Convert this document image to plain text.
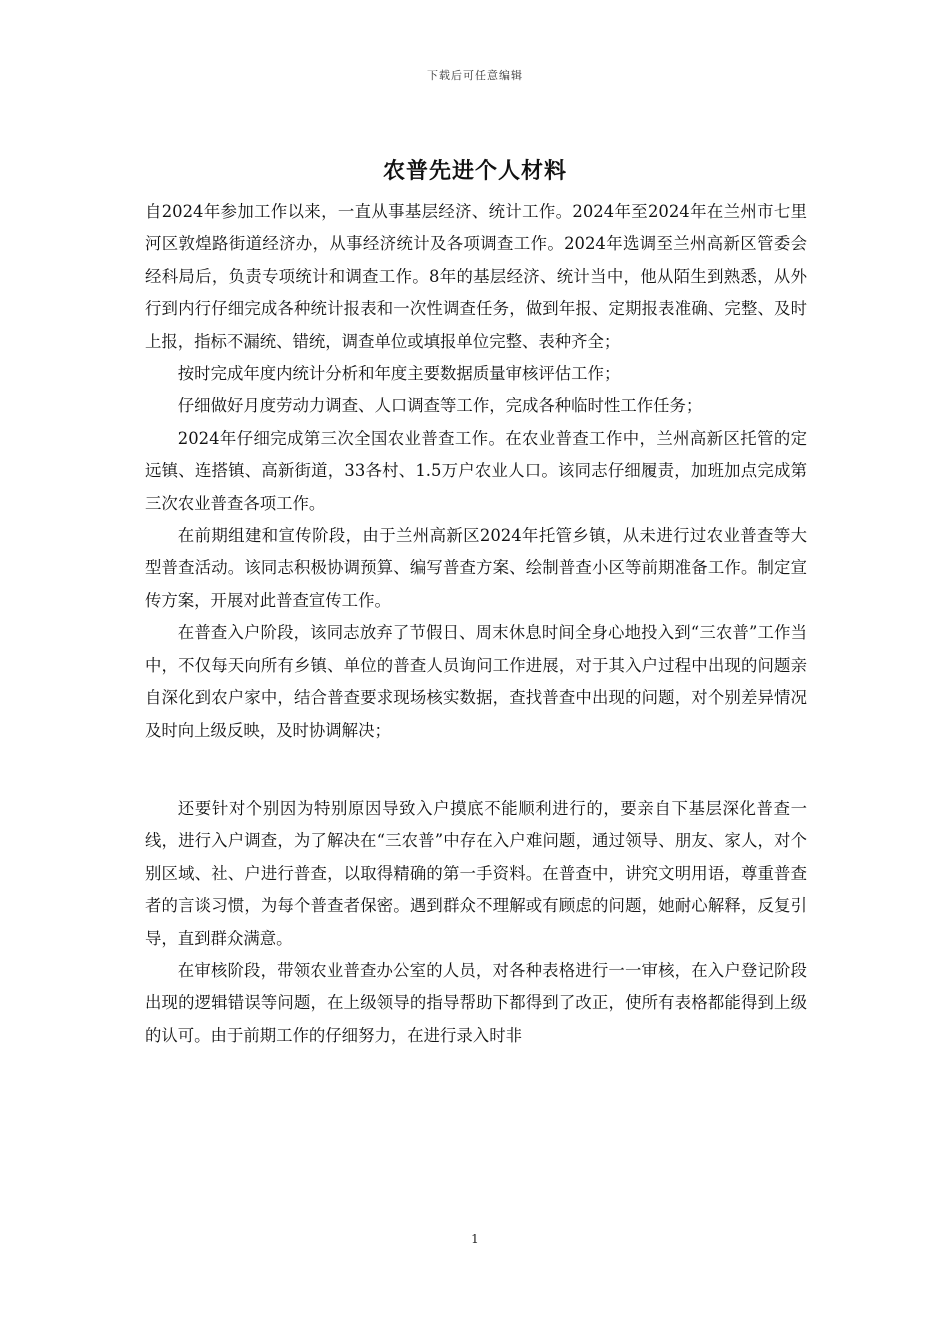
下载后可任意编辑
农普先进个人材料

自2024年参加工作以来，一直从事基层经济、统计工作。2024年至2024年在兰州市七里河区敦煌路街道经济办，从事经济统计及各项调查工作。2024年选调至兰州高新区管委会经科局后，负责专项统计和调查工作。8年的基层经济、统计当中，他从陌生到熟悉，从外行到内行仔细完成各种统计报表和一次性调查任务，做到年报、定期报表准确、完整、及时上报，指标不漏统、错统，调查单位或填报单位完整、表种齐全；

按时完成年度内统计分析和年度主要数据质量审核评估工作；

仔细做好月度劳动力调查、人口调查等工作，完成各种临时性工作任务；

2024年仔细完成第三次全国农业普查工作。在农业普查工作中，兰州高新区托管的定远镇、连搭镇、高新街道，33各村、1.5万户农业人口。该同志仔细履责，加班加点完成第三次农业普查各项工作。

在前期组建和宣传阶段，由于兰州高新区2024年托管乡镇，从未进行过农业普查等大型普查活动。该同志积极协调预算、编写普查方案、绘制普查小区等前期准备工作。制定宣传方案，开展对此普查宣传工作。

在普查入户阶段，该同志放弃了节假日、周末休息时间全身心地投入到“三农普”工作当中，不仅每天向所有乡镇、单位的普查人员询问工作进展，对于其入户过程中出现的问题亲自深化到农户家中，结合普查要求现场核实数据，查找普查中出现的问题，对个别差异情况及时向上级反映，及时协调解决；

还要针对个别因为特别原因导致入户摸底不能顺利进行的，要亲自下基层深化普查一线，进行入户调查，为了解决在“三农普”中存在入户难问题，通过领导、朋友、家人，对个别区域、社、户进行普查，以取得精确的第一手资料。在普查中，讲究文明用语，尊重普查者的言谈习惯，为每个普查者保密。遇到群众不理解或有顾虑的问题，她耐心解释，反复引导，直到群众满意。

在审核阶段，带领农业普查办公室的人员，对各种表格进行一一审核，在入户登记阶段出现的逻辑错误等问题，在上级领导的指导帮助下都得到了改正，使所有表格都能得到上级的认可。由于前期工作的仔细努力，在进行录入时非

1
